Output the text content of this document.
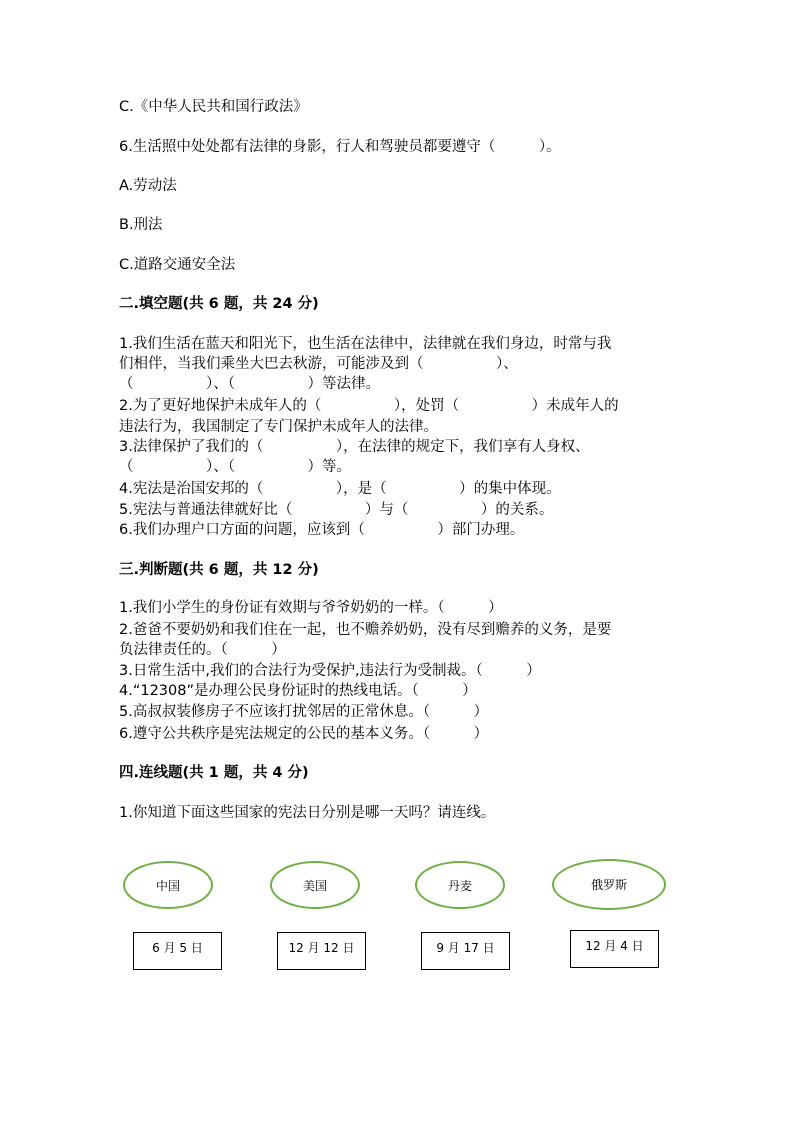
C.《中华人民共和国行政法》
6.生活照中处处都有法律的身影，行人和驾驶员都要遵守（　　　）。
A.劳动法
B.刑法
C.道路交通安全法
二.填空题(共 6 题，共 24 分)
1.我们生活在蓝天和阳光下，也生活在法律中，法律就在我们身边，时常与我
们相伴，当我们乘坐大巴去秋游，可能涉及到（　　　　　）、
（　　　　　）、（　　　　　）等法律。
2.为了更好地保护未成年人的（　　　　　），处罚（　　　　　）未成年人的
违法行为，我国制定了专门保护未成年人的法律。
3.法律保护了我们的（　　　　　），在法律的规定下，我们享有人身权、
（　　　　　）、（　　　　　）等。
4.宪法是治国安邦的（　　　　　），是（　　　　　）的集中体现。
5.宪法与普通法律就好比（　　　　　）与（　　　　　）的关系。
6.我们办理户口方面的问题，应该到（　　　　　）部门办理。
三.判断题(共 6 题，共 12 分)
1.我们小学生的身份证有效期与爷爷奶奶的一样。（　　　）
2.爸爸不要奶奶和我们住在一起，也不赡养奶奶，没有尽到赡养的义务，是要
负法律责任的。（　　　）
3.日常生活中,我们的合法行为受保护,违法行为受制裁。（　　　）
4.“12308”是办理公民身份证时的热线电话。（　　　）
5.高叔叔装修房子不应该打扰邻居的正常休息。（　　　）
6.遵守公共秩序是宪法规定的公民的基本义务。（　　　）
四.连线题(共 1 题，共 4 分)
1.你知道下面这些国家的宪法日分别是哪一天吗？请连线。
中国	美国	丹麦	俄罗斯
6 月 5 日	12 月 12 日	9 月 17 日	12 月 4 日
